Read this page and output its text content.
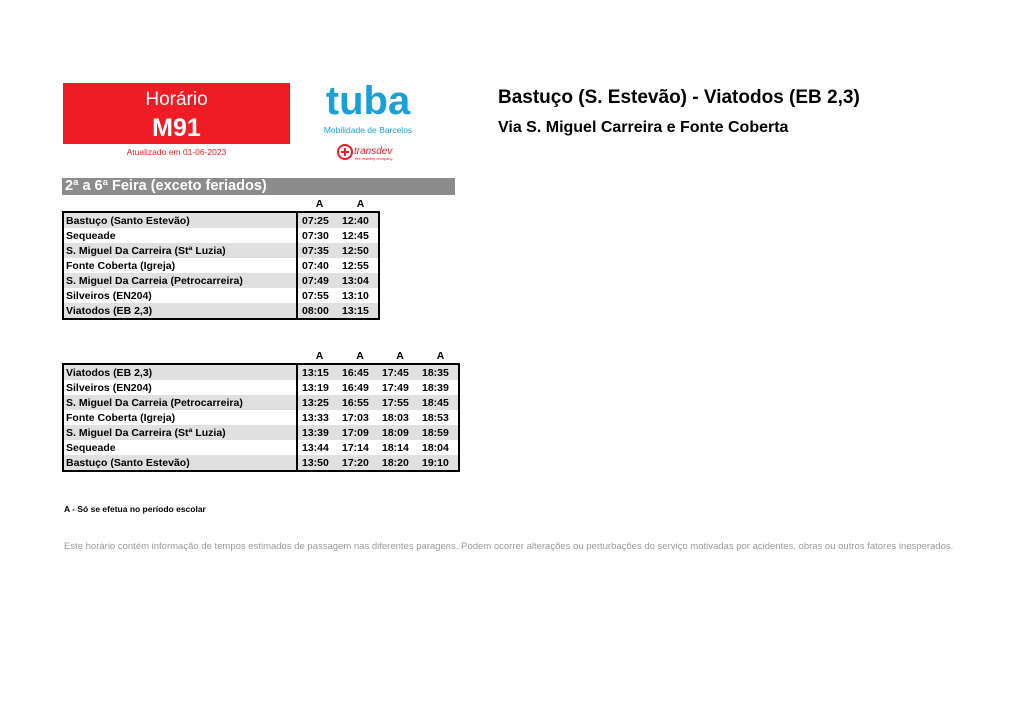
Horário
M91
Atualizado em 01-06-2023
tuba
Mobilidade de Barcelos
transdev
the mobility company
Bastuço (S. Estevão) - Viatodos (EB 2,3)
Via S. Miguel Carreira e Fonte Coberta
2ª a 6ª Feira (exceto feriados)
	A	A
Bastuço (Santo Estevão)	07:25	12:40
Sequeade	07:30	12:45
S. Miguel Da Carreira (Stª Luzia)	07:35	12:50
Fonte Coberta (Igreja)	07:40	12:55
S. Miguel Da Carreia (Petrocarreira)	07:49	13:04
Silveiros (EN204)	07:55	13:10
Viatodos (EB 2,3)	08:00	13:15
	A	A	A	A
Viatodos (EB 2,3)	13:15	16:45	17:45	18:35
Silveiros (EN204)	13:19	16:49	17:49	18:39
S. Miguel Da Carreia (Petrocarreira)	13:25	16:55	17:55	18:45
Fonte Coberta (Igreja)	13:33	17:03	18:03	18:53
S. Miguel Da Carreira (Stª Luzia)	13:39	17:09	18:09	18:59
Sequeade	13:44	17:14	18:14	18:04
Bastuço (Santo Estevão)	13:50	17:20	18:20	19:10
A - Só se efetua no período escolar
Este horário contém informação de tempos estimados de passagem nas diferentes paragens. Podem ocorrer alterações ou perturbações do serviço motivadas por acidentes, obras ou outros fatores inesperados.
